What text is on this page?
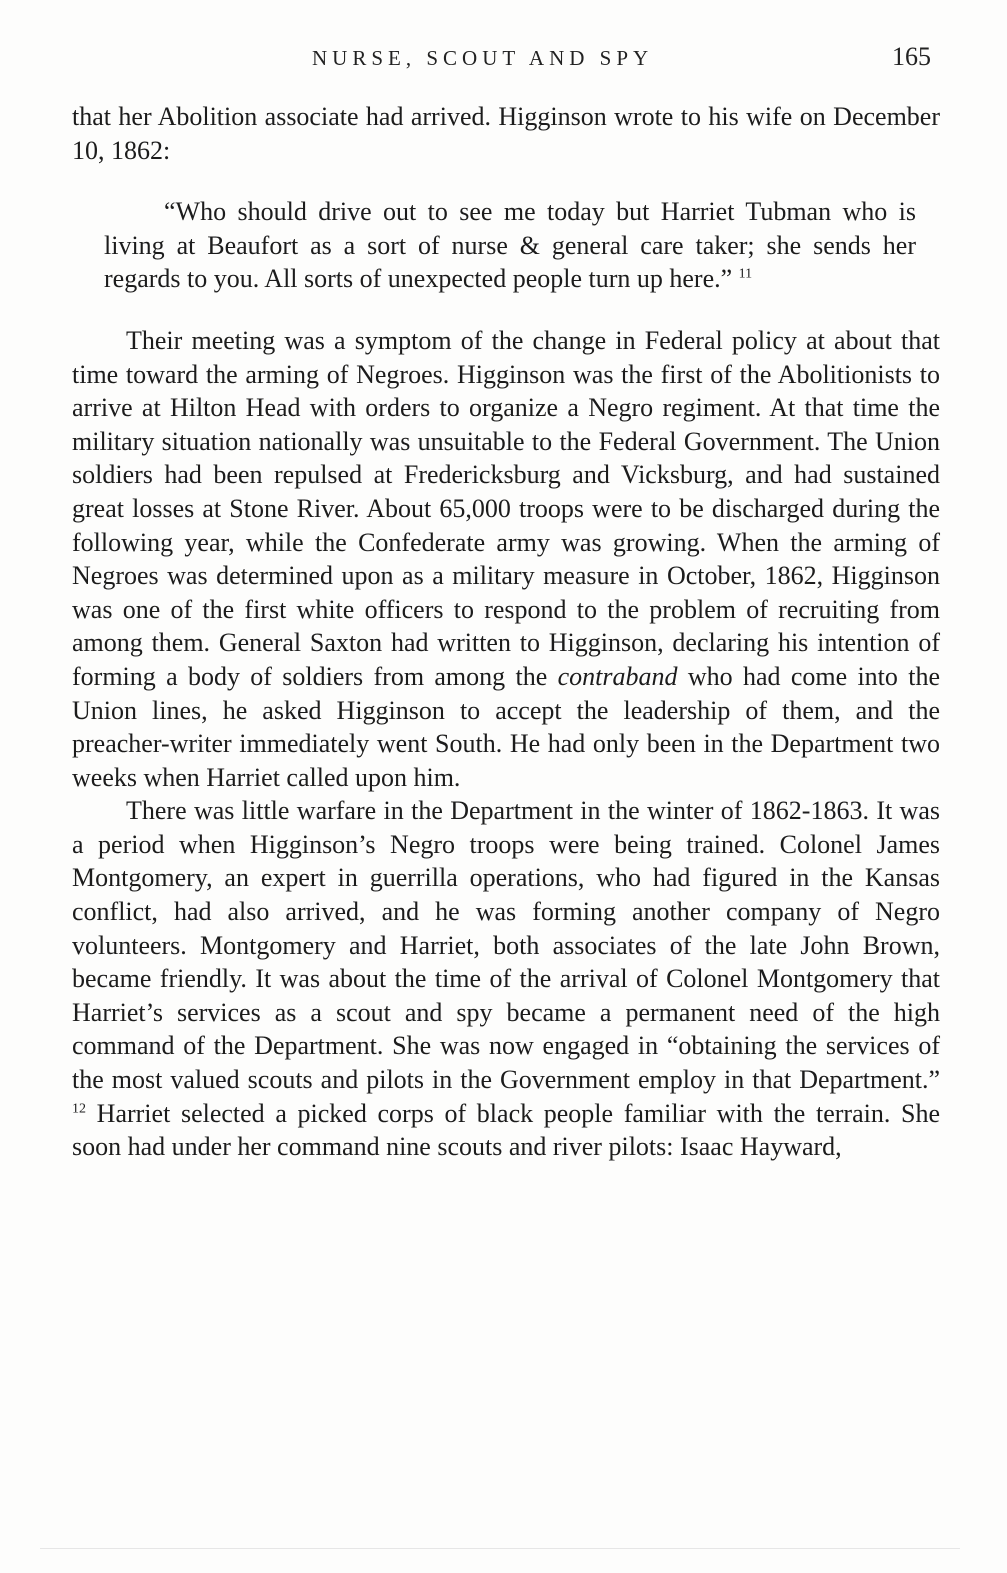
NURSE, SCOUT AND SPY	165

that her Abolition associate had arrived. Higginson wrote to his wife on December 10, 1862:

“Who should drive out to see me today but Harriet Tubman who is living at Beaufort as a sort of nurse & general care taker; she sends her regards to you. All sorts of unexpected people turn up here.” $^{11}$

Their meeting was a symptom of the change in Federal policy at about that time toward the arming of Negroes. Higginson was the first of the Abolitionists to arrive at Hilton Head with orders to organize a Negro regiment. At that time the military situation nationally was unsuitable to the Federal Government. The Union soldiers had been repulsed at Fredericksburg and Vicksburg, and had sustained great losses at Stone River. About 65,000 troops were to be discharged during the following year, while the Confederate army was growing. When the arming of Negroes was determined upon as a military measure in October, 1862, Higginson was one of the first white officers to respond to the problem of recruiting from among them. General Saxton had written to Higginson, declaring his intention of forming a body of soldiers from among the contraband who had come into the Union lines, he asked Higginson to accept the leadership of them, and the preacher-writer immediately went South. He had only been in the Department two weeks when Harriet called upon him.

There was little warfare in the Department in the winter of 1862-1863. It was a period when Higginson’s Negro troops were being trained. Colonel James Montgomery, an expert in guerrilla operations, who had figured in the Kansas conflict, had also arrived, and he was forming another company of Negro volunteers. Montgomery and Harriet, both associates of the late John Brown, became friendly. It was about the time of the arrival of Colonel Montgomery that Harriet’s services as a scout and spy became a permanent need of the high command of the Department. She was now engaged in “obtaining the services of the most valued scouts and pilots in the Government employ in that Department.” $^{12}$ Harriet selected a picked corps of black people familiar with the terrain. She soon had under her command nine scouts and river pilots: Isaac Hayward,
